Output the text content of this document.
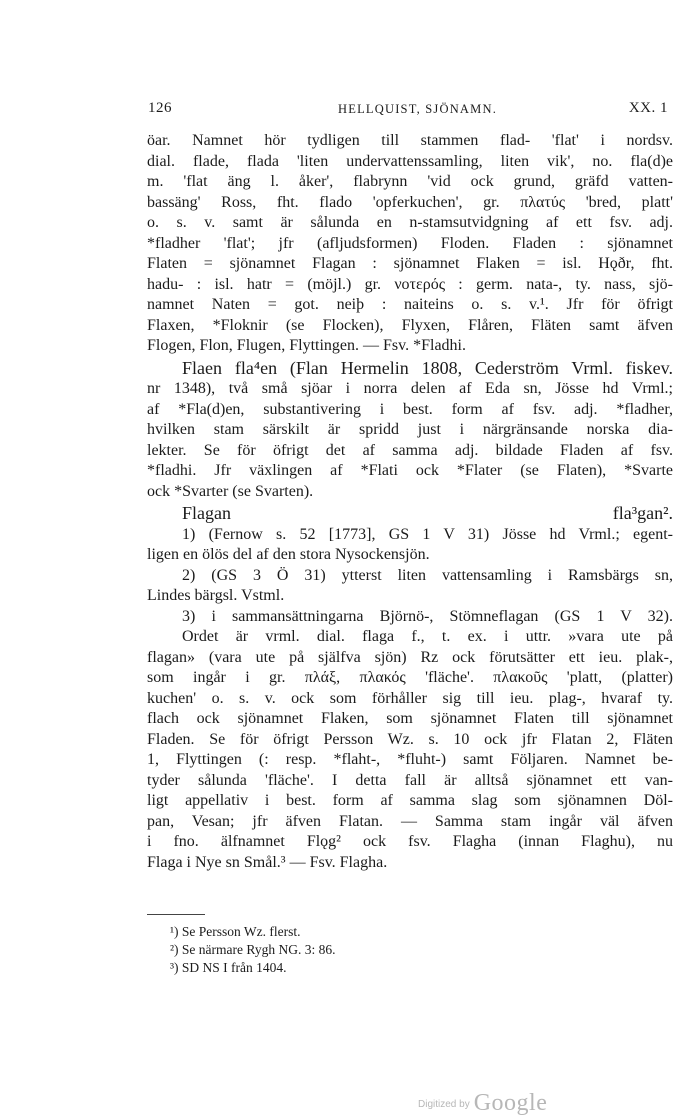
126	HELLQUIST, SJÖNAMN.	XX. 1
öar. Namnet hör tydligen till stammen flad- 'flat' i nordsv.
dial. flade, flada 'liten undervattenssamling, liten vik', no. fla(d)e
m. 'flat äng l. åker', flabrynn 'vid ock grund, gräfd vatten-
bassäng' Ross, fht. flado 'opferkuchen', gr. πλατύς 'bred, platt'
o. s. v. samt är sålunda en n-stamsutvidgning af ett fsv. adj.
*fladher 'flat'; jfr (afljudsformen) Floden. Fladen : sjönamnet
Flaten = sjönamnet Flagan : sjönamnet Flaken = isl. Hǫðr, fht.
hadu- : isl. hatr = (möjl.) gr. νοτερός : germ. nata-, ty. nass, sjö-
namnet Naten = got. neiþ : naiteins o. s. v.¹. Jfr för öfrigt
Flaxen, *Floknir (se Flocken), Flyxen, Flåren, Fläten samt äfven
Flogen, Flon, Flugen, Flyttingen. — Fsv. *Fladhi.
Flaen fla⁴en (Flan Hermelin 1808, Cederström Vrml. fiskev.
nr 1348), två små sjöar i norra delen af Eda sn, Jösse hd Vrml.;
af *Fla(d)en, substantivering i best. form af fsv. adj. *fladher,
hvilken stam särskilt är spridd just i närgränsande norska dia-
lekter. Se för öfrigt det af samma adj. bildade Fladen af fsv.
*fladhi. Jfr växlingen af *Flati ock *Flater (se Flaten), *Svarte
ock *Svarter (se Svarten).
Flagan fla³gan².
1) (Fernow s. 52 [1773], GS 1 V 31) Jösse hd Vrml.; egent-
ligen en ölös del af den stora Nysockensjön.
2) (GS 3 Ö 31) ytterst liten vattensamling i Ramsbärgs sn,
Lindes bärgsl. Vstml.
3) i sammansättningarna Björnö-, Stömneflagan (GS 1 V 32).
Ordet är vrml. dial. flaga f., t. ex. i uttr. »vara ute på
flagan» (vara ute på själfva sjön) Rz ock förutsätter ett ieu. plak-,
som ingår i gr. πλάξ, πλακός 'fläche'. πλακοῦς 'platt, (platter)
kuchen' o. s. v. ock som förhåller sig till ieu. plag-, hvaraf ty.
flach ock sjönamnet Flaken, som sjönamnet Flaten till sjönamnet
Fladen. Se för öfrigt Persson Wz. s. 10 ock jfr Flatan 2, Fläten
1, Flyttingen (: resp. *flaht-, *fluht-) samt Följaren. Namnet be-
tyder sålunda 'fläche'. I detta fall är alltså sjönamnet ett van-
ligt appellativ i best. form af samma slag som sjönamnen Döl-
pan, Vesan; jfr äfven Flatan. — Samma stam ingår väl äfven
i fno. älfnamnet Flǫg² ock fsv. Flagha (innan Flaghu), nu
Flaga i Nye sn Smål.³ — Fsv. Flagha.
¹) Se Persson Wz. flerst.
²) Se närmare Rygh NG. 3: 86.
³) SD NS I från 1404.
Digitized by Google
